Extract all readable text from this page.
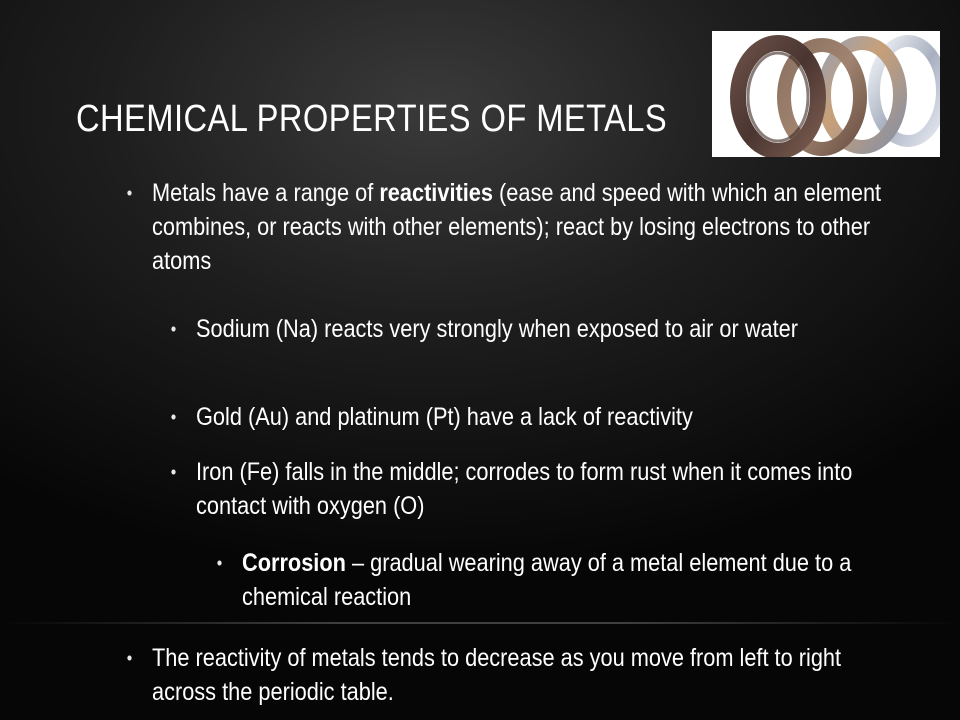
CHEMICAL PROPERTIES OF METALS

• Metals have a range of reactivities (ease and speed with which an element combines, or reacts with other elements); react by losing electrons to other atoms

• Sodium (Na) reacts very strongly when exposed to air or water

• Gold (Au) and platinum (Pt) have a lack of reactivity

• Iron (Fe) falls in the middle; corrodes to form rust when it comes into contact with oxygen (O)

• Corrosion – gradual wearing away of a metal element due to a chemical reaction

• The reactivity of metals tends to decrease as you move from left to right across the periodic table.
